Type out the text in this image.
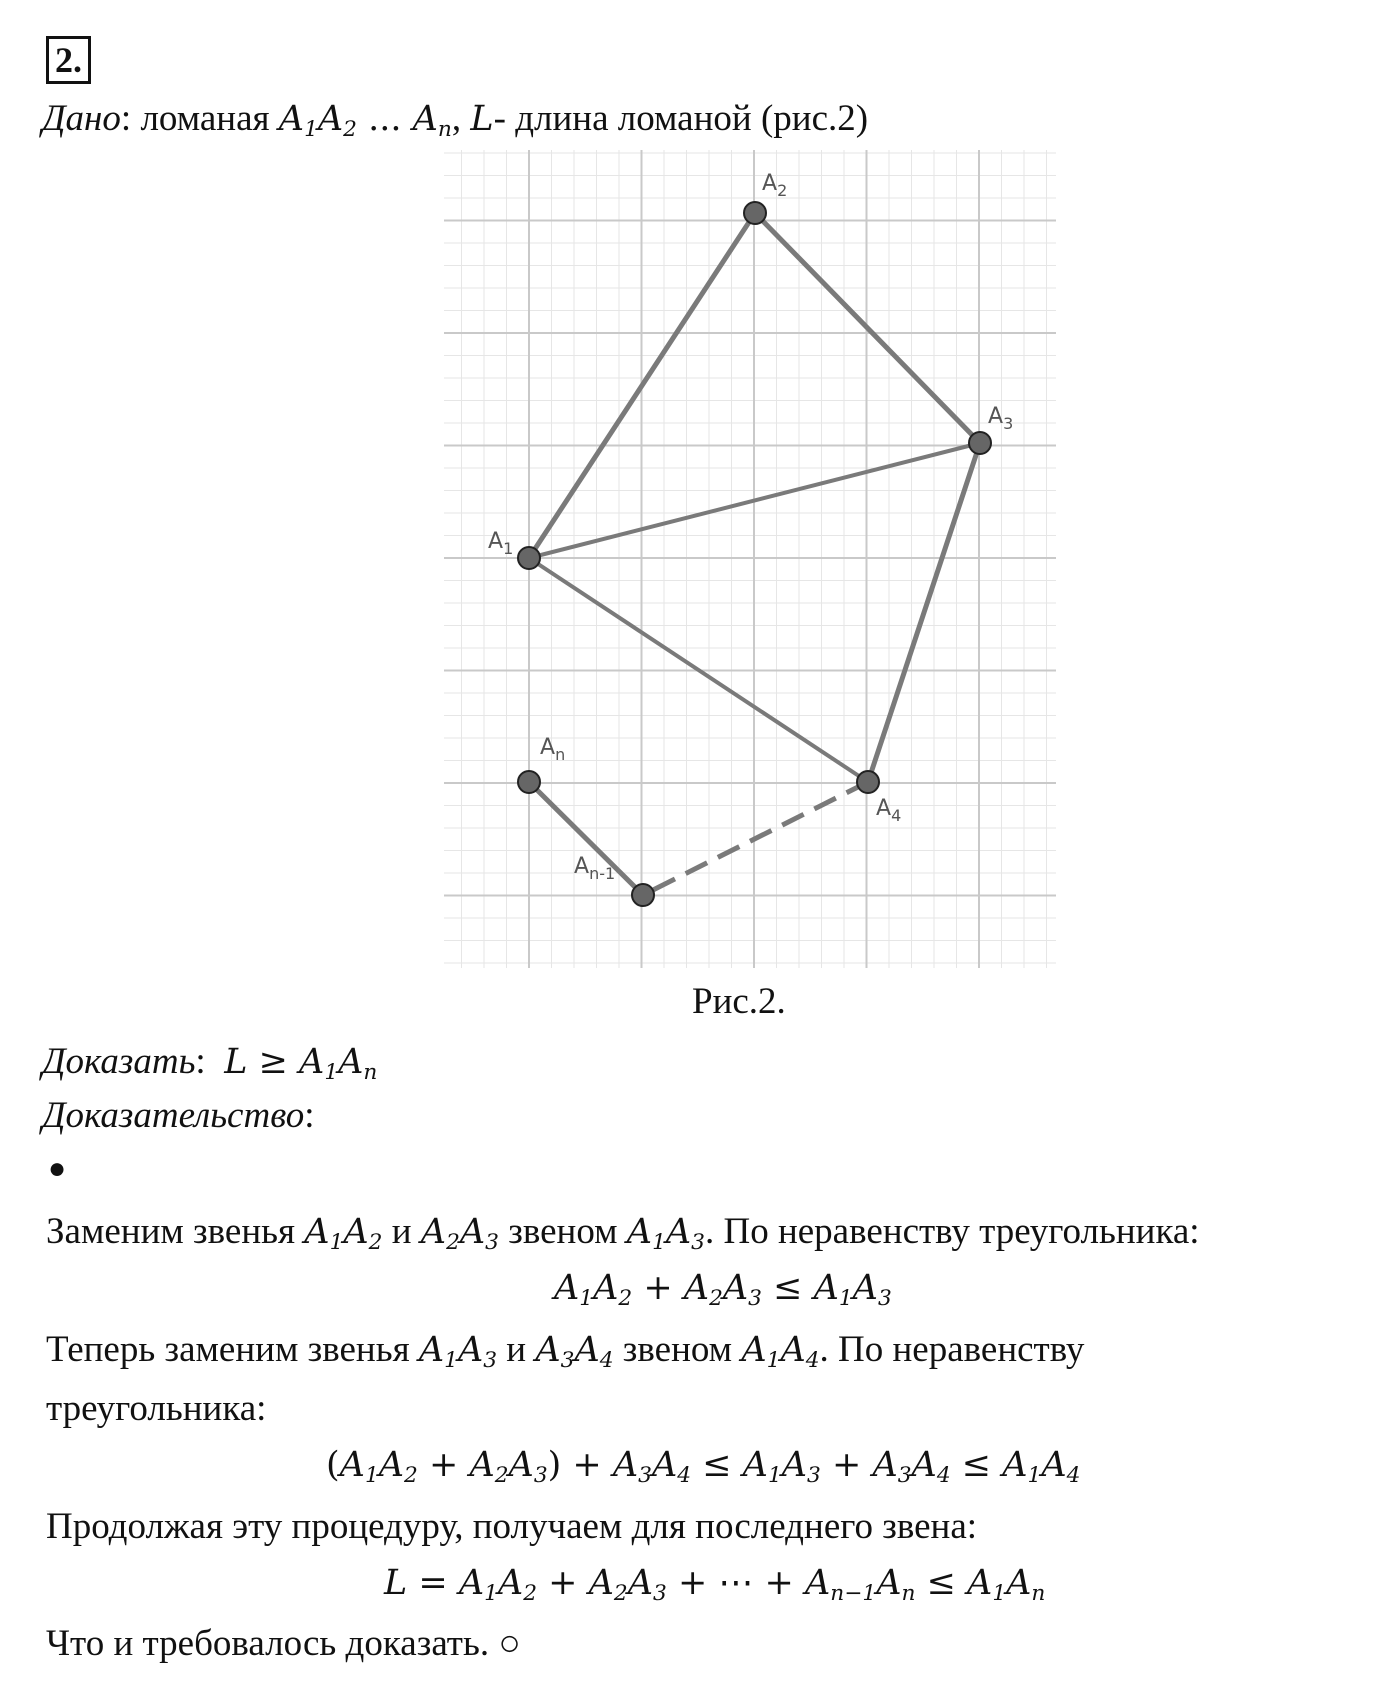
2.
Дано: ломаная $A_1A_2$ ... $A_n$, L- длина ломаной (рис.2)
$A_1$
$A_2$
$A_3$
$A_4$
$A_n$
$A_{n-1}$
Рис.2.
Доказать:  $L \ge A_1A_n$
Доказательство:
●
Заменим звенья $A_1A_2$ и $A_2A_3$ звеном $A_1A_3$. По неравенству треугольника:
$A_1A_2 + A_2A_3 \le A_1A_3$
Теперь заменим звенья $A_1A_3$ и $A_3A_4$ звеном $A_1A_4$. По неравенству
треугольника:
$(A_1A_2 + A_2A_3) + A_3A_4 \le A_1A_3 + A_3A_4 \le A_1A_4$
Продолжая эту процедуру, получаем для последнего звена:
$L = A_1A_2 + A_2A_3$ + ⋯ + $A_{n-1}A_n \le A_1A_n$
Что и требовалось доказать. ○
